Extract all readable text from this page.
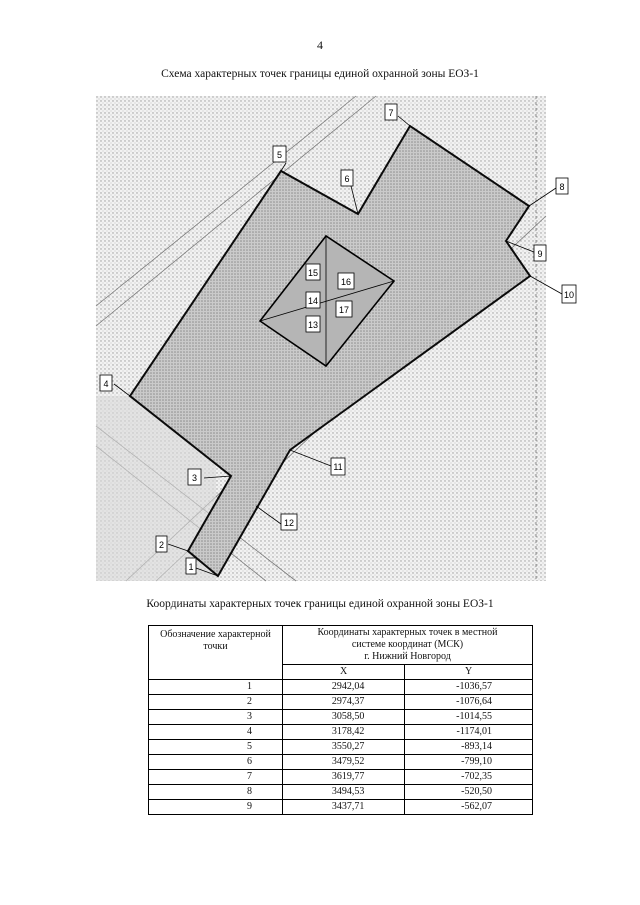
4
Схема характерных точек границы единой охранной зоны ЕОЗ-1
1
2
3
4
5
6
7
8
9
10
11
12
13
14
15
16
17
Координаты характерных точек границы единой охранной зоны ЕОЗ-1
Обозначение характерной точки	Координаты характерных точек в местной
системе координат (МСК)
г. Нижний Новгород	

	X	Y
1	2942,04	-1036,57
2	2974,37	-1076,64
3	3058,50	-1014,55
4	3178,42	-1174,01
5	3550,27	-893,14
6	3479,52	-799,10
7	3619,77	-702,35
8	3494,53	-520,50
9	3437,71	-562,07
